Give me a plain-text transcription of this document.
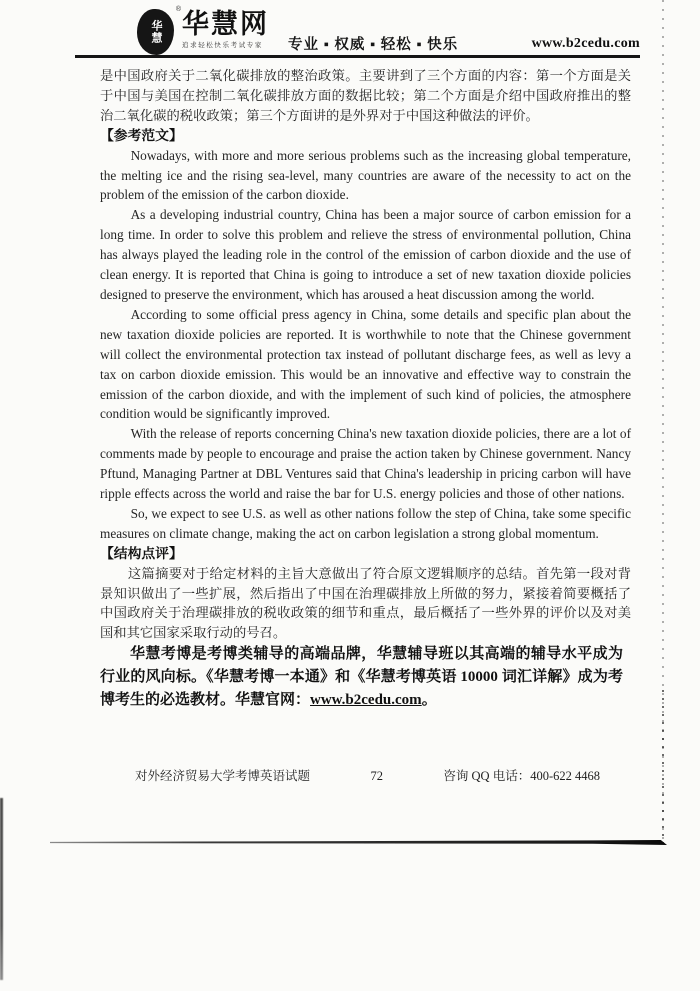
华慧
® 华慧网
追求轻松快乐考试专家	专业 ▪ 权威 ▪ 轻松 ▪ 快乐	www.b2cedu.com

是中国政府关于二氧化碳排放的整治政策。主要讲到了三个方面的内容：第一个方面是关于中国与美国在控制二氧化碳排放方面的数据比较；第二个方面是介绍中国政府推出的整治二氧化碳的税收政策；第三个方面讲的是外界对于中国这种做法的评价。

【参考范文】

Nowadays, with more and more serious problems such as the increasing global temperature, the melting ice and the rising sea-level, many countries are aware of the necessity to act on the problem of the emission of the carbon dioxide.

As a developing industrial country, China has been a major source of carbon emission for a long time. In order to solve this problem and relieve the stress of environmental pollution, China has always played the leading role in the control of the emission of carbon dioxide and the use of clean energy. It is reported that China is going to introduce a set of new taxation dioxide policies designed to preserve the environment, which has aroused a heat discussion among the world.

According to some official press agency in China, some details and specific plan about the new taxation dioxide policies are reported. It is worthwhile to note that the Chinese government will collect the environmental protection tax instead of pollutant discharge fees, as well as levy a tax on carbon dioxide emission. This would be an innovative and effective way to constrain the emission of the carbon dioxide, and with the implement of such kind of policies, the atmosphere condition would be significantly improved.

With the release of reports concerning China's new taxation dioxide policies, there are a lot of comments made by people to encourage and praise the action taken by Chinese government. Nancy Pftund, Managing Partner at DBL Ventures said that China's leadership in pricing carbon will have ripple effects across the world and raise the bar for U.S. energy policies and those of other nations.

So, we expect to see U.S. as well as other nations follow the step of China, take some specific measures on climate change, making the act on carbon legislation a strong global momentum.

【结构点评】

这篇摘要对于给定材料的主旨大意做出了符合原文逻辑顺序的总结。首先第一段对背景知识做出了一些扩展，然后指出了中国在治理碳排放上所做的努力，紧接着简要概括了中国政府关于治理碳排放的税收政策的细节和重点，最后概括了一些外界的评价以及对美国和其它国家采取行动的号召。

华慧考博是考博类辅导的高端品牌，华慧辅导班以其高端的辅导水平成为行业的风向标。《华慧考博一本通》和《华慧考博英语 10000 词汇详解》成为考博考生的必选教材。华慧官网：www.b2cedu.com。

对外经济贸易大学考博英语试题	72	咨询 QQ 电话：400-622 4468
